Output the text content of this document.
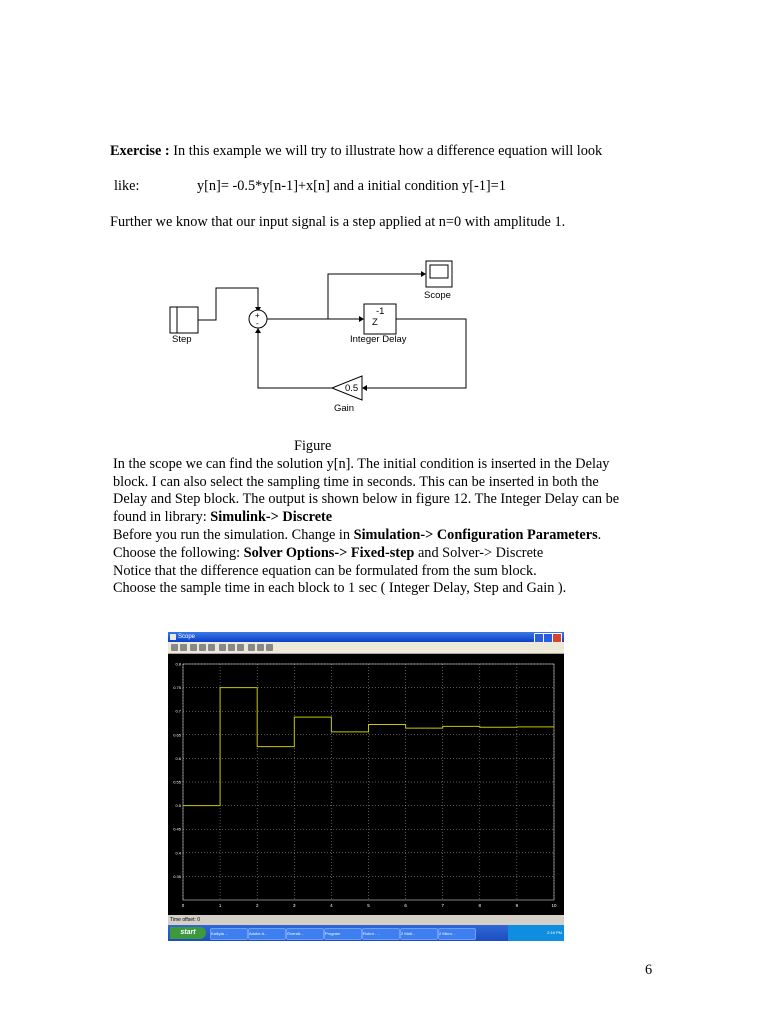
Exercise : In this example we will try to illustrate how a difference equation will look
like:	y[n]= -0.5*y[n-1]+x[n] and a initial condition y[-1]=1
Further we know that our input signal is a step applied at n=0 with amplitude 1.
Step
+
-
Scope
-1
Z
Integer Delay
0.5
Gain
Figure
In the scope we can find the solution y[n]. The initial condition is inserted in the Delay
block. I can also select the sampling time in seconds. This can be inserted in both the
Delay and Step block. The output is shown below in figure 12. The Integer Delay can be
found in library: Simulink-> Discrete
Before you run the simulation. Change in Simulation-> Configuration Parameters.
Choose the following: Solver Options-> Fixed-step and Solver-> Discrete
Notice that the difference equation can be formulated from the sum block.
Choose the sample time in each block to 1 sec ( Integer Delay, Step and Gain ).
Scope
0	1	2	3	4	5	6	7	8	9	10
0.35
0.4
0.45
0.5
0.55
0.6
0.65
0.7
0.75
0.8
Time offset: 0
start	Kalkyla ...	Adobe A...	Översik...	Program	Robot - ...	2 Matl...	2 Micro...	2:16 PM
6
